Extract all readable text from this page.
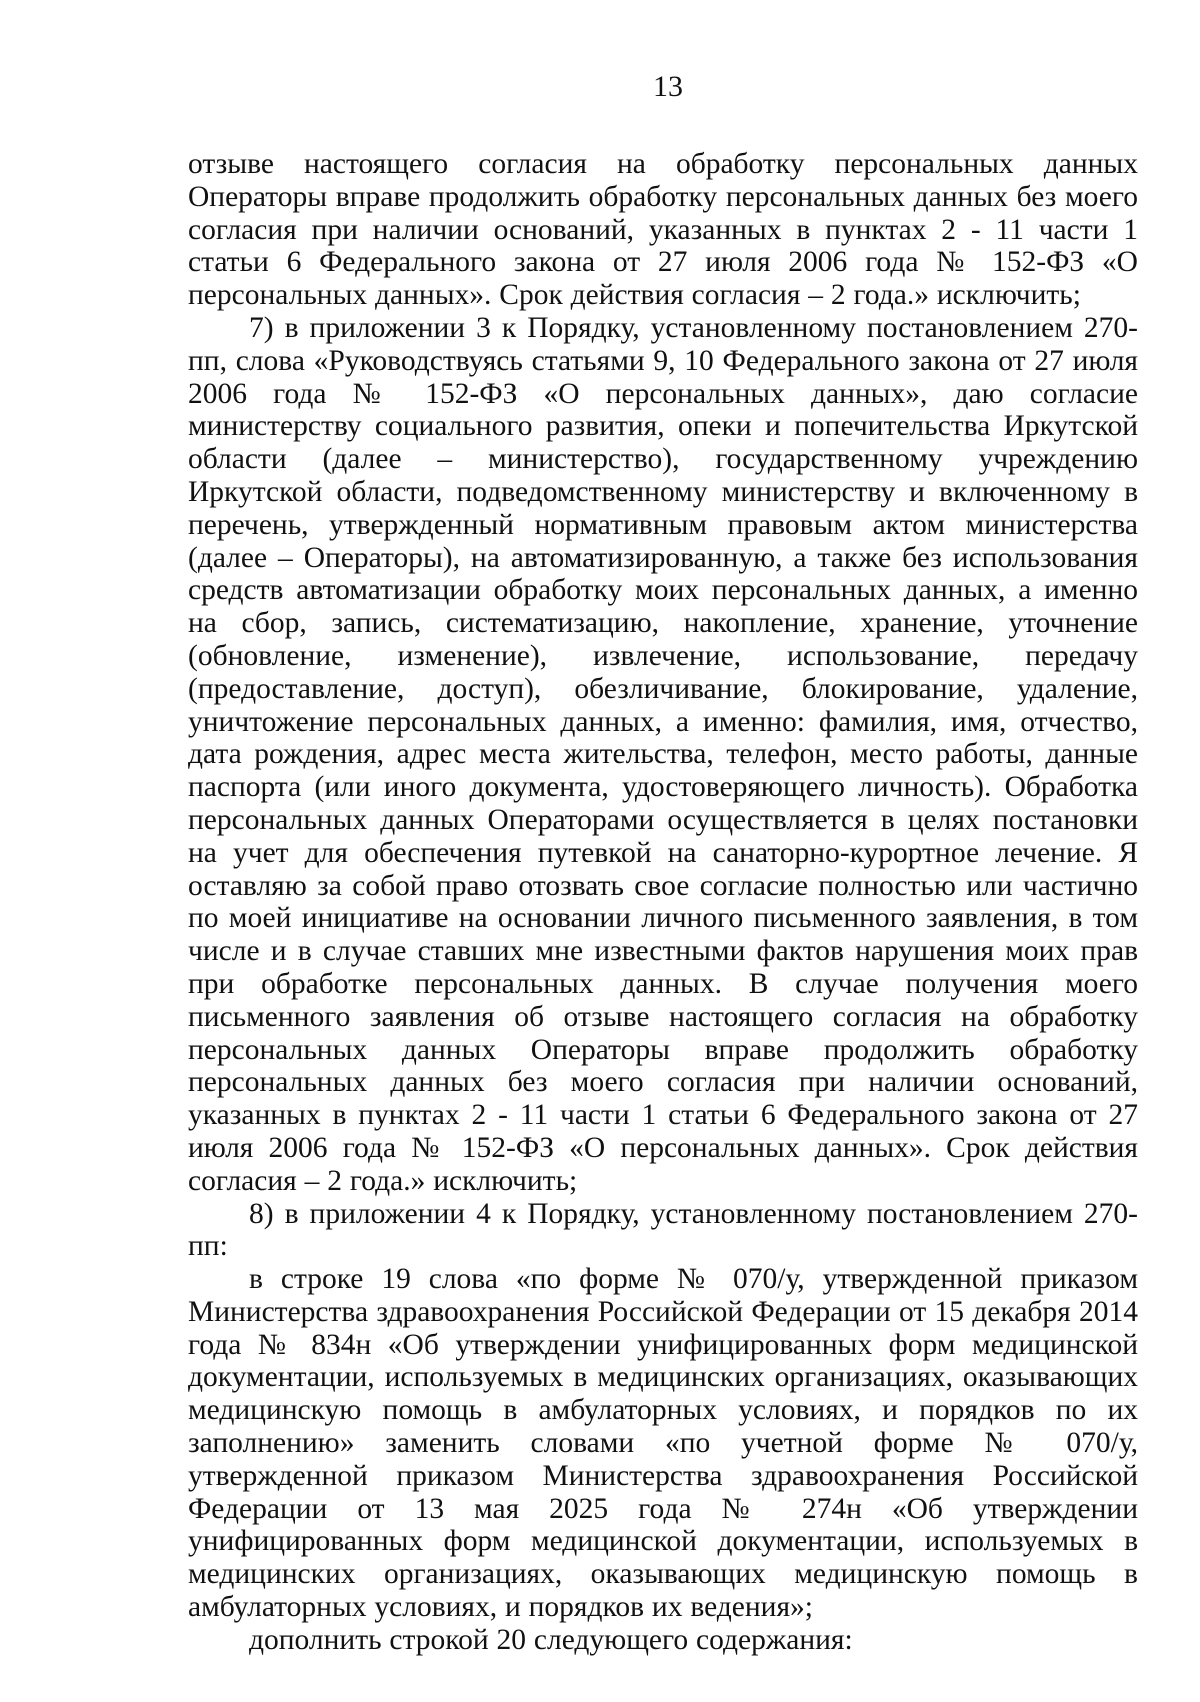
13

отзыве настоящего согласия на обработку персональных данных Операторы вправе продолжить обработку персональных данных без моего согласия при наличии оснований, указанных в пунктах 2 - 11 части 1 статьи 6 Федерального закона от 27 июля 2006 года № 152-ФЗ «О персональных данных». Срок действия согласия – 2 года.» исключить;

7) в приложении 3 к Порядку, установленному постановлением 270-пп, слова «Руководствуясь статьями 9, 10 Федерального закона от 27 июля 2006 года № 152-ФЗ «О персональных данных», даю согласие министерству социального развития, опеки и попечительства Иркутской области (далее – министерство), государственному учреждению Иркутской области, подведомственному министерству и включенному в перечень, утвержденный нормативным правовым актом министерства (далее – Операторы), на автоматизированную, а также без использования средств автоматизации обработку моих персональных данных, а именно на сбор, запись, систематизацию, накопление, хранение, уточнение (обновление, изменение), извлечение, использование, передачу (предоставление, доступ), обезличивание, блокирование, удаление, уничтожение персональных данных, а именно: фамилия, имя, отчество, дата рождения, адрес места жительства, телефон, место работы, данные паспорта (или иного документа, удостоверяющего личность). Обработка персональных данных Операторами осуществляется в целях постановки на учет для обеспечения путевкой на санаторно-курортное лечение. Я оставляю за собой право отозвать свое согласие полностью или частично по моей инициативе на основании личного письменного заявления, в том числе и в случае ставших мне известными фактов нарушения моих прав при обработке персональных данных. В случае получения моего письменного заявления об отзыве настоящего согласия на обработку персональных данных Операторы вправе продолжить обработку персональных данных без моего согласия при наличии оснований, указанных в пунктах 2 - 11 части 1 статьи 6 Федерального закона от 27 июля 2006 года № 152-ФЗ «О персональных данных». Срок действия согласия – 2 года.» исключить;

8) в приложении 4 к Порядку, установленному постановлением 270-пп:

в строке 19 слова «по форме № 070/у, утвержденной приказом Министерства здравоохранения Российской Федерации от 15 декабря 2014 года № 834н «Об утверждении унифицированных форм медицинской документации, используемых в медицинских организациях, оказывающих медицинскую помощь в амбулаторных условиях, и порядков по их заполнению» заменить словами «по учетной форме № 070/у, утвержденной приказом Министерства здравоохранения Российской Федерации от 13 мая 2025 года № 274н «Об утверждении унифицированных форм медицинской документации, используемых в медицинских организациях, оказывающих медицинскую помощь в амбулаторных условиях, и порядков их ведения»;

дополнить строкой 20 следующего содержания:
